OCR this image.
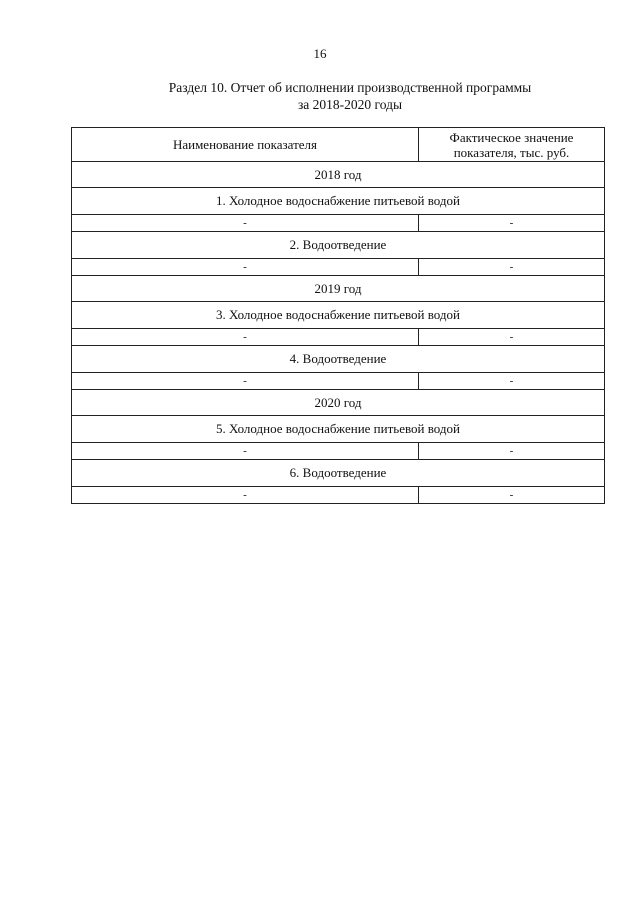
16
Раздел 10. Отчет об исполнении производственной программы
за 2018-2020 годы
Наименование показателя	Фактическое значение
показателя, тыс. руб.

2018 год	
1. Холодное водоснабжение питьевой водой	
-	-
2. Водоотведение	
-	-
2019 год	
3. Холодное водоснабжение питьевой водой	
-	-
4. Водоотведение	
-	-
2020 год	
5. Холодное водоснабжение питьевой водой	
-	-
6. Водоотведение	
-	-
